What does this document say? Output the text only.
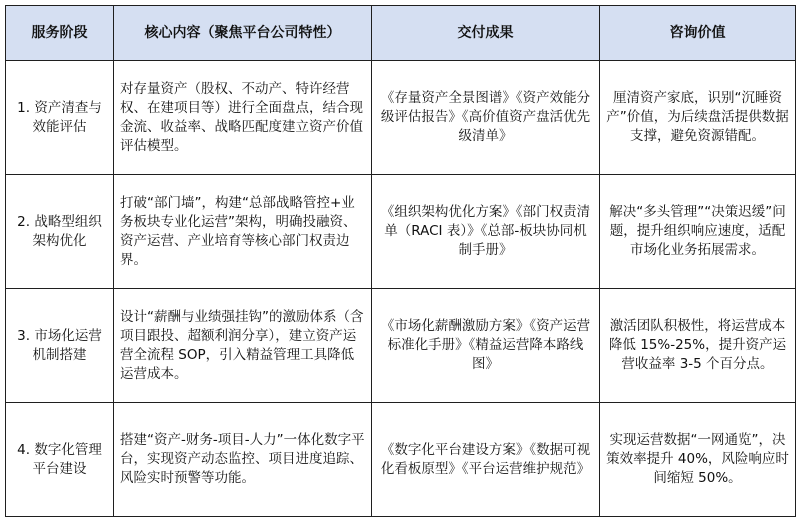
服务阶段	核心内容（聚焦平台公司特性）	交付成果	咨询价值
1. 资产清查与效能评估	对存量资产（股权、不动产、特许经营权、在建项目等）进行全面盘点，结合现金流、收益率、战略匹配度建立资产价值评估模型。	《存量资产全景图谱》《资产效能分级评估报告》《高价值资产盘活优先级清单》	厘清资产家底，识别“沉睡资产”价值，为后续盘活提供数据支撑，避免资源错配。
2. 战略型组织架构优化	打破“部门墙”，构建“总部战略管控+业务板块专业化运营”架构，明确投融资、资产运营、产业培育等核心部门权责边界。	《组织架构优化方案》《部门权责清单（RACI 表）》《总部-板块协同机制手册》	解决“多头管理”“决策迟缓”问题，提升组织响应速度，适配市场化业务拓展需求。
3. 市场化运营机制搭建	设计“薪酬与业绩强挂钩”的激励体系（含项目跟投、超额利润分享），建立资产运营全流程 SOP，引入精益管理工具降低运营成本。	《市场化薪酬激励方案》《资产运营标准化手册》《精益运营降本路线图》	激活团队积极性，将运营成本降低 15%-25%，提升资产运营收益率 3-5 个百分点。
4. 数字化管理平台建设	搭建“资产-财务-项目-人力”一体化数字平台，实现资产动态监控、项目进度追踪、风险实时预警等功能。	《数字化平台建设方案》《数据可视化看板原型》《平台运营维护规范》	实现运营数据“一网通览”，决策效率提升 40%，风险响应时间缩短 50%。
